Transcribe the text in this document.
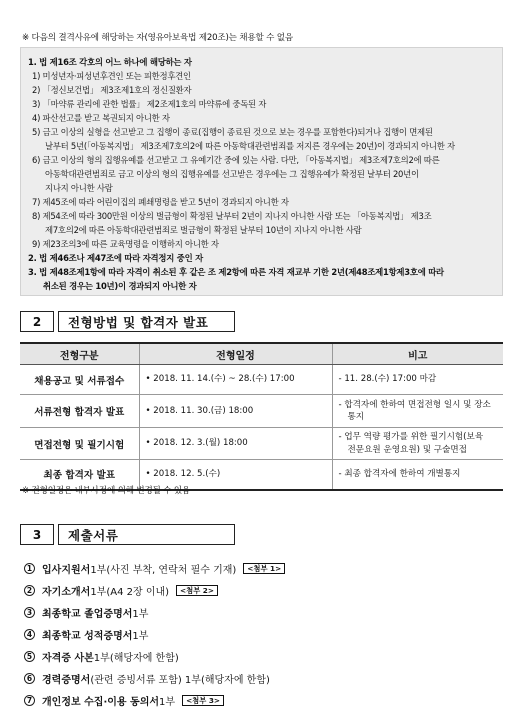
※ 다음의 결격사유에 해당하는 자(영유아보육법 제20조)는 채용할 수 없음
1. 법 제16조 각호의 어느 하나에 해당하는 자
1) 미성년자·피성년후견인 또는 피한정후견인
2) 「정신보건법」 제3조제1호의 정신질환자
3) 「마약류 관리에 관한 법률」 제2조제1호의 마약류에 중독된 자
4) 파산선고를 받고 복권되지 아니한 자
5) 금고 이상의 실형을 선고받고 그 집행이 종료(집행이 종료된 것으로 보는 경우를 포함한다)되거나 집행이 면제된
날부터 5년(「아동복지법」 제3조제7호의2에 따른 아동학대관련범죄를 저지른 경우에는 20년)이 경과되지 아니한 자
6) 금고 이상의 형의 집행유예를 선고받고 그 유예기간 중에 있는 사람. 다만, 「아동복지법」 제3조제7호의2에 따른
아동학대관련범죄로 금고 이상의 형의 집행유예를 선고받은 경우에는 그 집행유예가 확정된 날부터 20년이
지나지 아니한 사람
7) 제45조에 따라 어린이집의 폐쇄명령을 받고 5년이 경과되지 아니한 자
8) 제54조에 따라 300만원 이상의 벌금형이 확정된 날부터 2년이 지나지 아니한 사람 또는 「아동복지법」 제3조
제7호의2에 따른 아동학대관련범죄로 벌금형이 확정된 날부터 10년이 지나지 아니한 사람
9) 제23조의3에 따른 교육명령을 이행하지 아니한 자
2. 법 제46조나 제47조에 따라 자격정지 중인 자
3. 법 제48조제1항에 따라 자격이 취소된 후 같은 조 제2항에 따른 자격 재교부 기한 2년(제48조제1항제3호에 따라
취소된 경우는 10년)이 경과되지 아니한 자
2	전형방법 및 합격자 발표
전형구분	전형일정	비고
채용공고 및 서류접수	• 2018. 11. 14.(수) ~ 28.(수) 17:00	- 11. 28.(수) 17:00 마감

서류전형 합격자 발표	• 2018. 11. 30.(금) 18:00	- 합격자에 한하여 면접전형 일시 및 장소
통지

면접전형 및 필기시험	• 2018. 12. 3.(월) 18:00	- 업무 역량 평가를 위한 필기시험(보육
전문요원 운영요원) 및 구술면접

최종 합격자 발표	• 2018. 12. 5.(수)	- 최종 합격자에 한하여 개별통지
※ 전형일정은 내부사정에 의해 변경될 수 있음
3	제출서류
1 입사지원서 1부(사진 부착, 연락처 필수 기재)	<첨부 1>
2 자기소개서 1부(A4 2장 이내)	<첨부 2>
3 최종학교 졸업증명서 1부
4 최종학교 성적증명서 1부
5 자격증 사본 1부(해당자에 한함)
6 경력증명서 (관련 증빙서류 포함) 1부(해당자에 한함)
7 개인정보 수집·이용 동의서 1부	<첨부 3>
